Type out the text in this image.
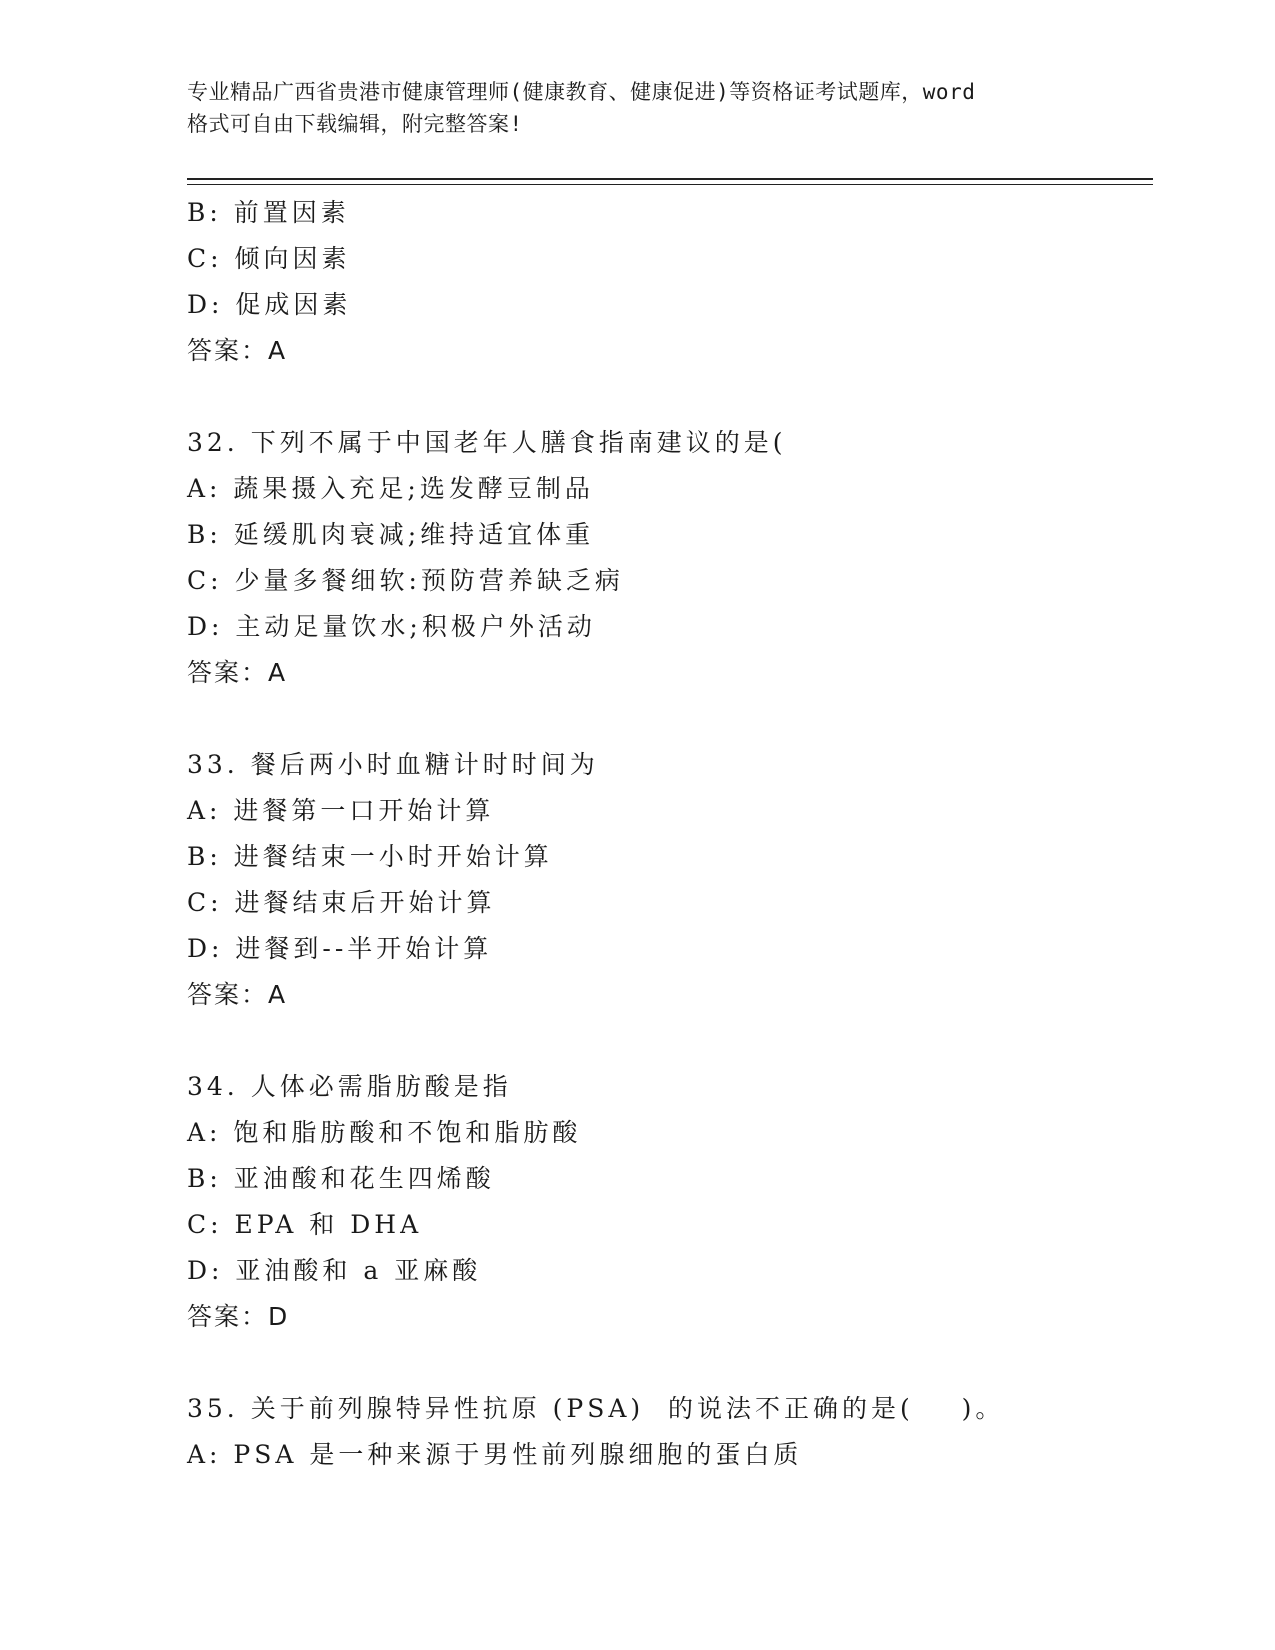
专业精品广西省贵港市健康管理师(健康教育、健康促进)等资格证考试题库，word
格式可自由下载编辑，附完整答案!
B: 前置因素
C: 倾向因素
D: 促成因素
答案：A
32. 下列不属于中国老年人膳食指南建议的是(
A: 蔬果摄入充足;选发酵豆制品
B: 延缓肌肉衰减;维持适宜体重
C: 少量多餐细软:预防营养缺乏病
D: 主动足量饮水;积极户外活动
答案：A
33. 餐后两小时血糖计时时间为
A: 进餐第一口开始计算
B: 进餐结束一小时开始计算
C: 进餐结束后开始计算
D: 进餐到--半开始计算
答案：A
34. 人体必需脂肪酸是指
A: 饱和脂肪酸和不饱和脂肪酸
B: 亚油酸和花生四烯酸
C: EPA 和 DHA
D: 亚油酸和 a 亚麻酸
答案：D
35. 关于前列腺特异性抗原 (PSA)  的说法不正确的是(    )。
A: PSA 是一种来源于男性前列腺细胞的蛋白质
